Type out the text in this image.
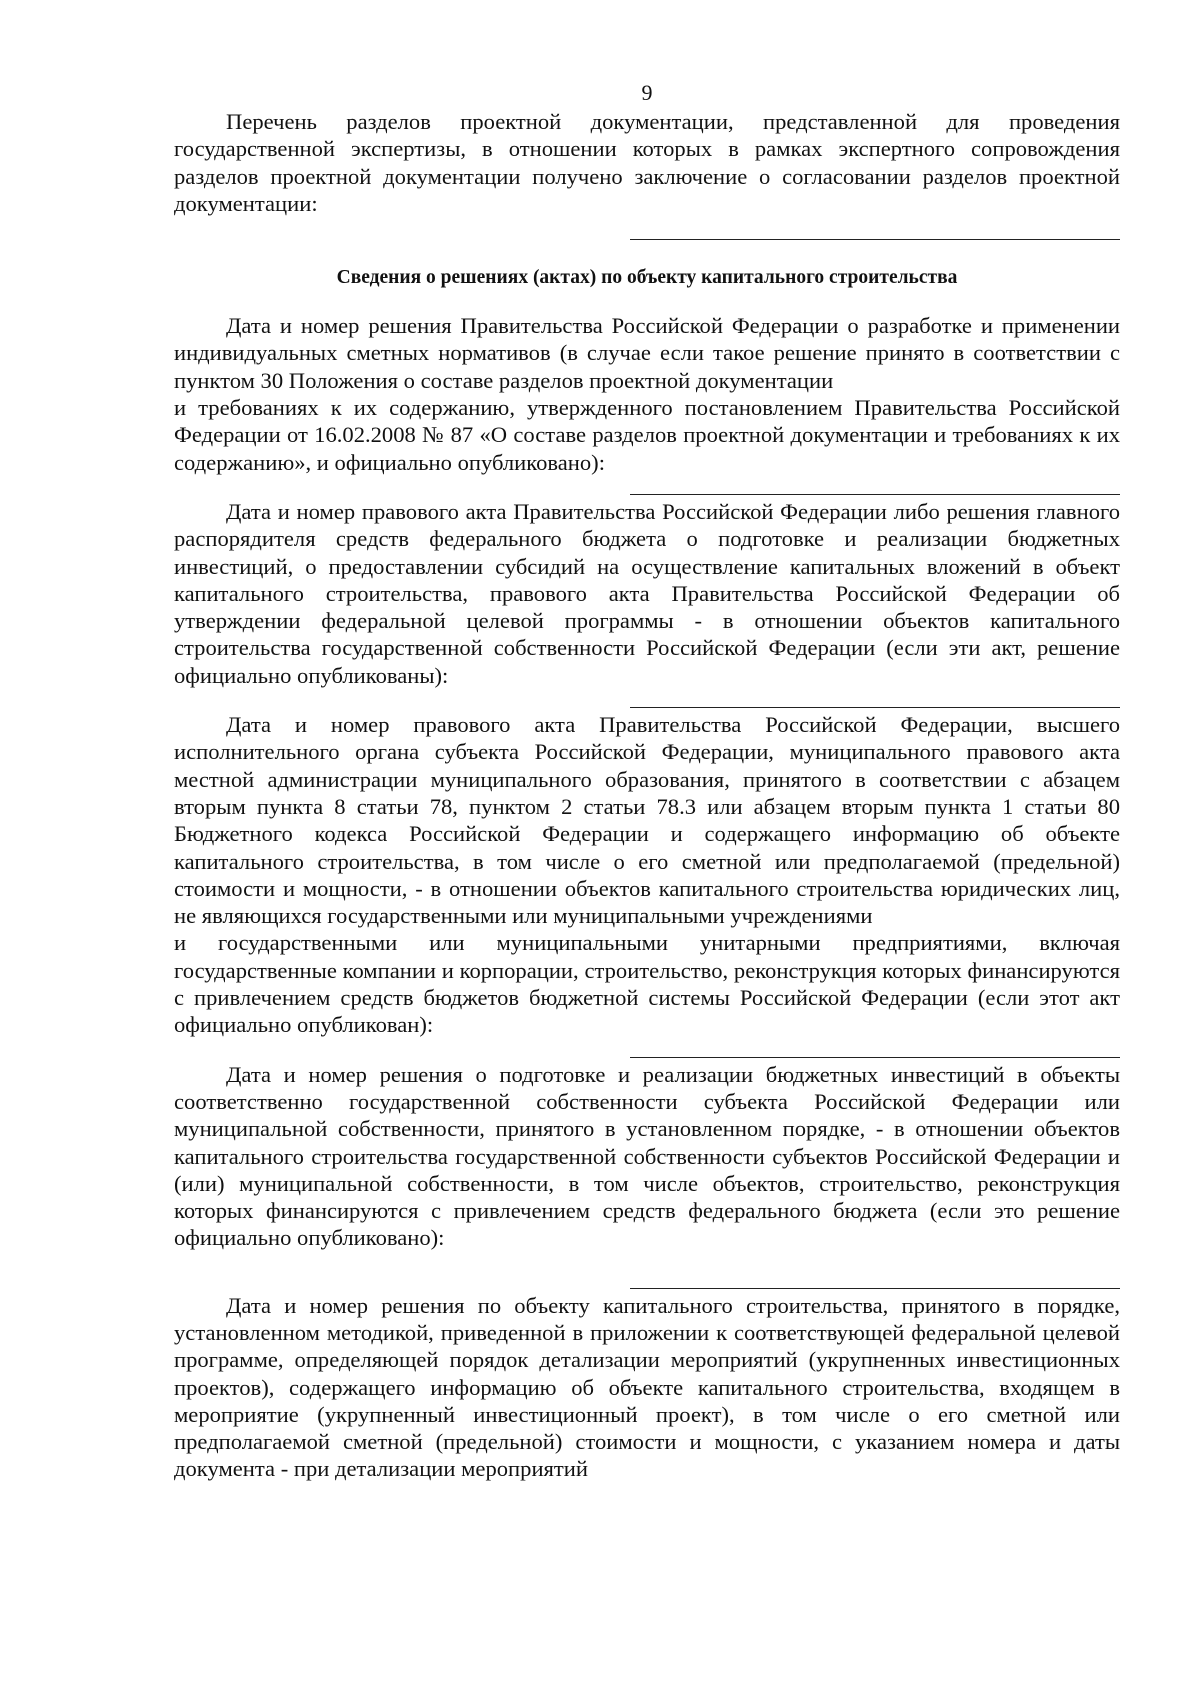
9

Перечень разделов проектной документации, представленной для проведения государственной экспертизы, в отношении которых в рамках экспертного сопровождения разделов проектной документации получено заключение о согласовании разделов проектной документации:

Сведения о решениях (актах) по объекту капитального строительства

Дата и номер решения Правительства Российской Федерации о разработке и применении индивидуальных сметных нормативов (в случае если такое решение принято в соответствии с пунктом 30 Положения о составе разделов проектной документации

и требованиях к их содержанию, утвержденного постановлением Правительства Российской Федерации от 16.02.2008 № 87 «О составе разделов проектной документации и требованиях к их содержанию», и официально опубликовано):

Дата и номер правового акта Правительства Российской Федерации либо решения главного распорядителя средств федерального бюджета о подготовке и реализации бюджетных инвестиций, о предоставлении субсидий на осуществление капитальных вложений в объект капитального строительства, правового акта Правительства Российской Федерации об утверждении федеральной целевой программы - в отношении объектов капитального строительства государственной собственности Российской Федерации (если эти акт, решение официально опубликованы):

Дата и номер правового акта Правительства Российской Федерации, высшего исполнительного органа субъекта Российской Федерации, муниципального правового акта местной администрации муниципального образования, принятого в соответствии с абзацем вторым пункта 8 статьи 78, пунктом 2 статьи 78.3 или абзацем вторым пункта 1 статьи 80 Бюджетного кодекса Российской Федерации и содержащего информацию об объекте капитального строительства, в том числе о его сметной или предполагаемой (предельной) стоимости и мощности, - в отношении объектов капитального строительства юридических лиц, не являющихся государственными или муниципальными учреждениями

и государственными или муниципальными унитарными предприятиями, включая государственные компании и корпорации, строительство, реконструкция которых финансируются с привлечением средств бюджетов бюджетной системы Российской Федерации (если этот акт официально опубликован):

Дата и номер решения о подготовке и реализации бюджетных инвестиций в объекты соответственно государственной собственности субъекта Российской Федерации или муниципальной собственности, принятого в установленном порядке, - в отношении объектов капитального строительства государственной собственности субъектов Российской Федерации и (или) муниципальной собственности, в том числе объектов, строительство, реконструкция которых финансируются с привлечением средств федерального бюджета (если это решение официально опубликовано):

Дата и номер решения по объекту капитального строительства, принятого в порядке, установленном методикой, приведенной в приложении к соответствующей федеральной целевой программе, определяющей порядок детализации мероприятий (укрупненных инвестиционных проектов), содержащего информацию об объекте капитального строительства, входящем в мероприятие (укрупненный инвестиционный проект), в том числе о его сметной или предполагаемой сметной (предельной) стоимости и мощности, с указанием номера и даты документа - при детализации мероприятий
